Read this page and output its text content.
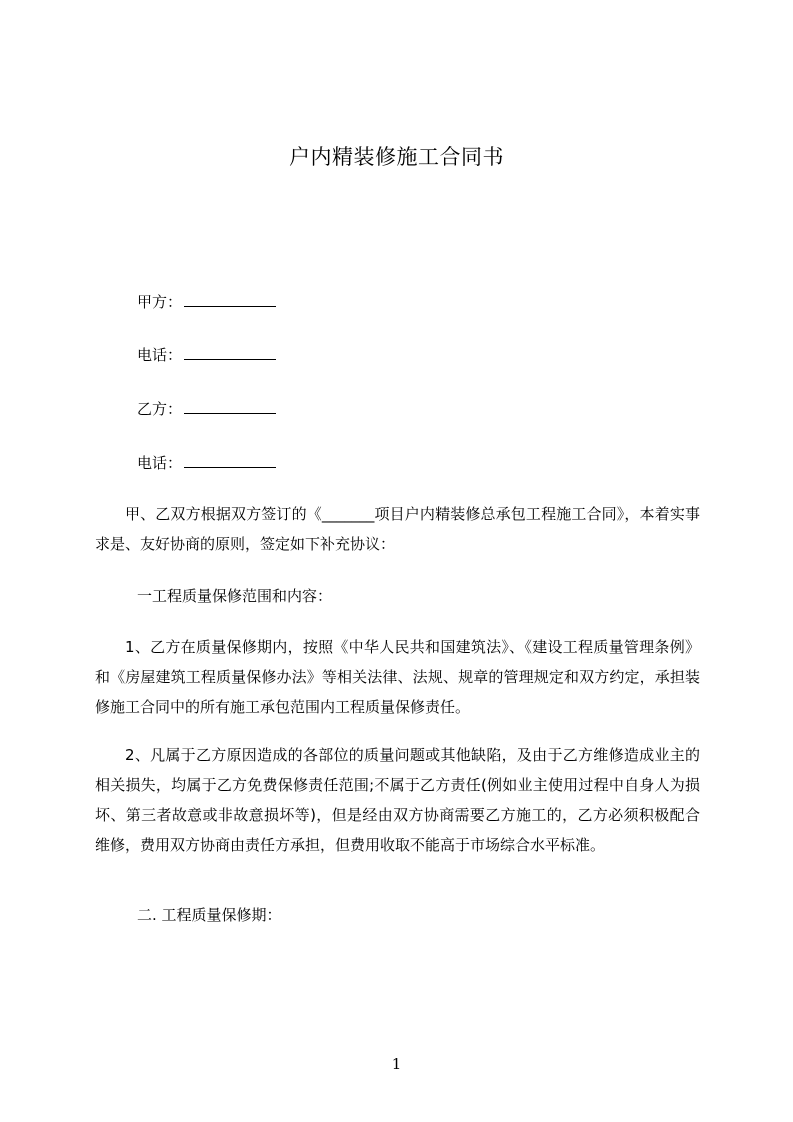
户内精装修施工合同书
甲方：
电话：
乙方：
电话：
甲、乙双方根据双方签订的《_______项目户内精装修总承包工程施工合同》，本着实事求是、友好协商的原则，签定如下补充协议：
一工程质量保修范围和内容：
1、乙方在质量保修期内，按照《中华人民共和国建筑法》、《建设工程质量管理条例》和《房屋建筑工程质量保修办法》等相关法律、法规、规章的管理规定和双方约定，承担装修施工合同中的所有施工承包范围内工程质量保修责任。
2、凡属于乙方原因造成的各部位的质量问题或其他缺陷，及由于乙方维修造成业主的相关损失，均属于乙方免费保修责任范围;不属于乙方责任(例如业主使用过程中自身人为损坏、第三者故意或非故意损坏等)，但是经由双方协商需要乙方施工的，乙方必须积极配合维修，费用双方协商由责任方承担，但费用收取不能高于市场综合水平标准。
二. 工程质量保修期：
1
